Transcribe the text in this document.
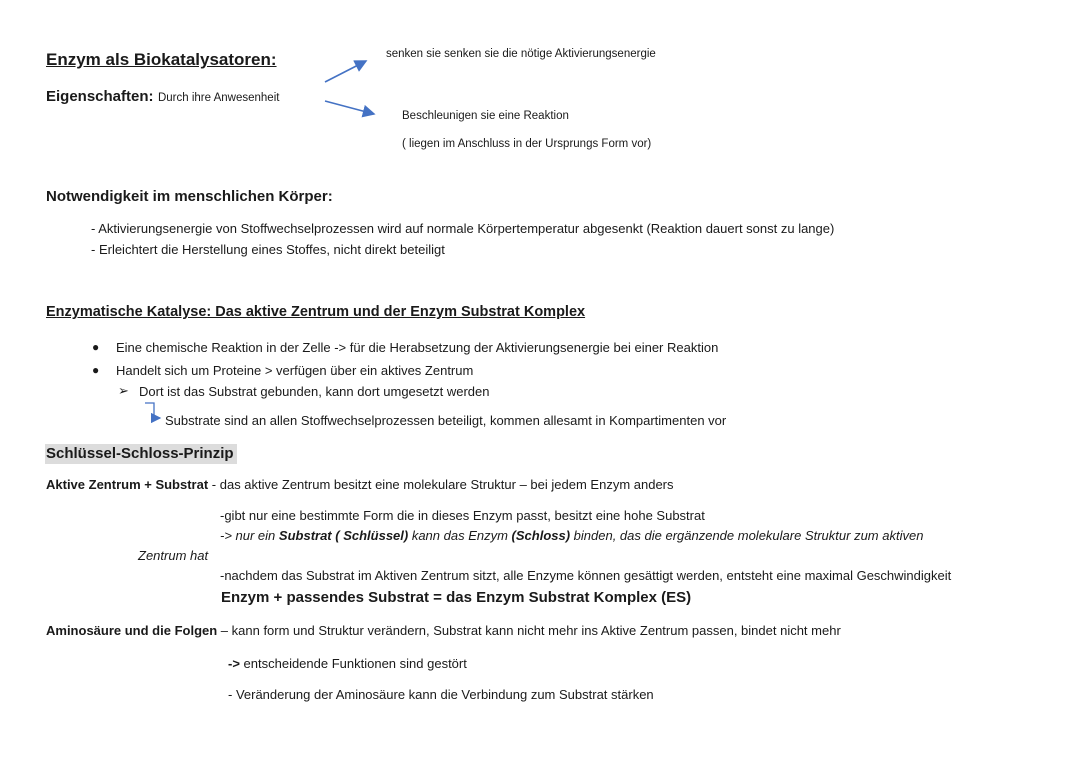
Enzym als Biokatalysatoren:
Eigenschaften: Durch ihre Anwesenheit
senken sie senken sie die nötige Aktivierungsenergie
Beschleunigen sie eine Reaktion
( liegen im Anschluss in der Ursprungs Form vor)
Notwendigkeit im menschlichen Körper:
- Aktivierungsenergie von Stoffwechselprozessen wird auf normale Körpertemperatur abgesenkt (Reaktion dauert sonst zu lange)
- Erleichtert die Herstellung eines Stoffes, nicht direkt beteiligt
Enzymatische Katalyse: Das aktive Zentrum und der Enzym Substrat Komplex
● Eine chemische Reaktion in der Zelle -> für die Herabsetzung der Aktivierungsenergie bei einer Reaktion
● Handelt sich um Proteine > verfügen über ein aktives Zentrum
➢ Dort ist das Substrat gebunden, kann dort umgesetzt werden
Substrate sind an allen Stoffwechselprozessen beteiligt, kommen allesamt in Kompartimenten vor
Schlüssel-Schloss-Prinzip
Aktive Zentrum + Substrat - das aktive Zentrum besitzt eine molekulare Struktur – bei jedem Enzym anders
-gibt nur eine bestimmte Form die in dieses Enzym passt, besitzt eine hohe Substrat
-> nur ein Substrat ( Schlüssel) kann das Enzym (Schloss) binden, das die ergänzende molekulare Struktur zum aktiven
Zentrum hat
-nachdem das Substrat im Aktiven Zentrum sitzt, alle Enzyme können gesättigt werden, entsteht eine maximal Geschwindigkeit
Enzym + passendes Substrat = das Enzym Substrat Komplex (ES)
Aminosäure und die Folgen – kann form und Struktur verändern, Substrat kann nicht mehr ins Aktive Zentrum passen, bindet nicht mehr
-> entscheidende Funktionen sind gestört
- Veränderung der Aminosäure kann die Verbindung zum Substrat stärken
